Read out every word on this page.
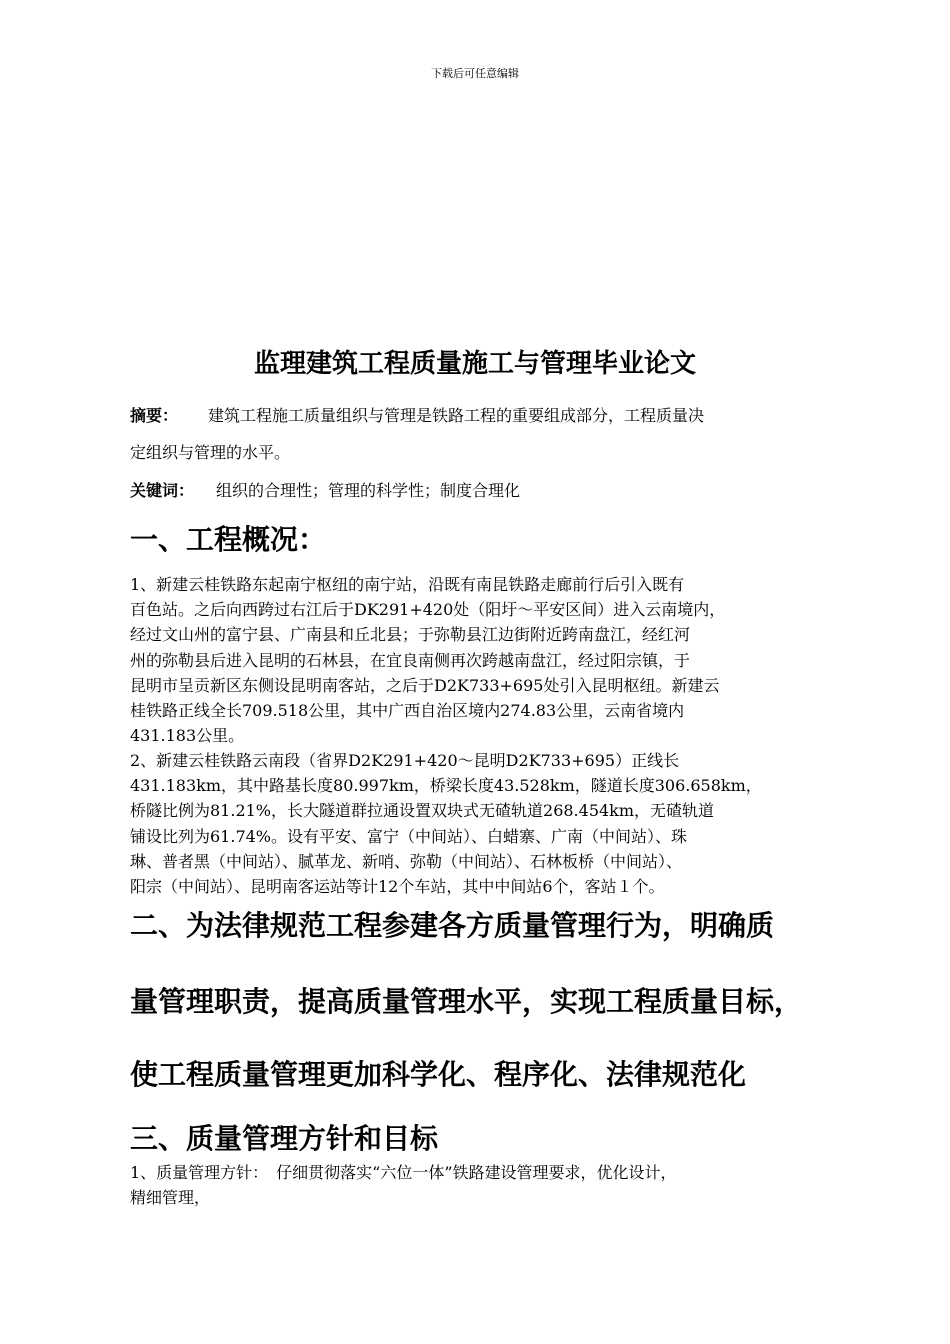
下载后可任意编辑
监理建筑工程质量施工与管理毕业论文
摘要： 建筑工程施工质量组织与管理是铁路工程的重要组成部分，工程质量决
定组织与管理的水平。
关键词： 组织的合理性；管理的科学性；制度合理化
一、工程概况：
1、新建云桂铁路东起南宁枢纽的南宁站，沿既有南昆铁路走廊前行后引入既有
百色站。之后向西跨过右江后于DK291+420处（阳圩～平安区间）进入云南境内，
经过文山州的富宁县、广南县和丘北县；于弥勒县江边街附近跨南盘江，经红河
州的弥勒县后进入昆明的石林县，在宜良南侧再次跨越南盘江，经过阳宗镇，于
昆明市呈贡新区东侧设昆明南客站，之后于D2K733+695处引入昆明枢纽。新建云
桂铁路正线全长709.518公里，其中广西自治区境内274.83公里，云南省境内
431.183公里。
2、新建云桂铁路云南段（省界D2K291+420～昆明D2K733+695）正线长
431.183km，其中路基长度80.997km，桥梁长度43.528km，隧道长度306.658km，
桥隧比例为81.21%，长大隧道群拉通设置双块式无碴轨道268.454km，无碴轨道
铺设比列为61.74%。设有平安、富宁（中间站）、白蜡寨、广南（中间站）、珠
琳、普者黑（中间站）、腻革龙、新哨、弥勒（中间站）、石林板桥（中间站）、
阳宗（中间站）、昆明南客运站等计12个车站，其中中间站6个，客站１个。
二、为法律规范工程参建各方质量管理行为，明确质
量管理职责，提高质量管理水平，实现工程质量目标，
使工程质量管理更加科学化、程序化、法律规范化
三、质量管理方针和目标
1、质量管理方针：　仔细贯彻落实“六位一体”铁路建设管理要求，优化设计，
精细管理，
